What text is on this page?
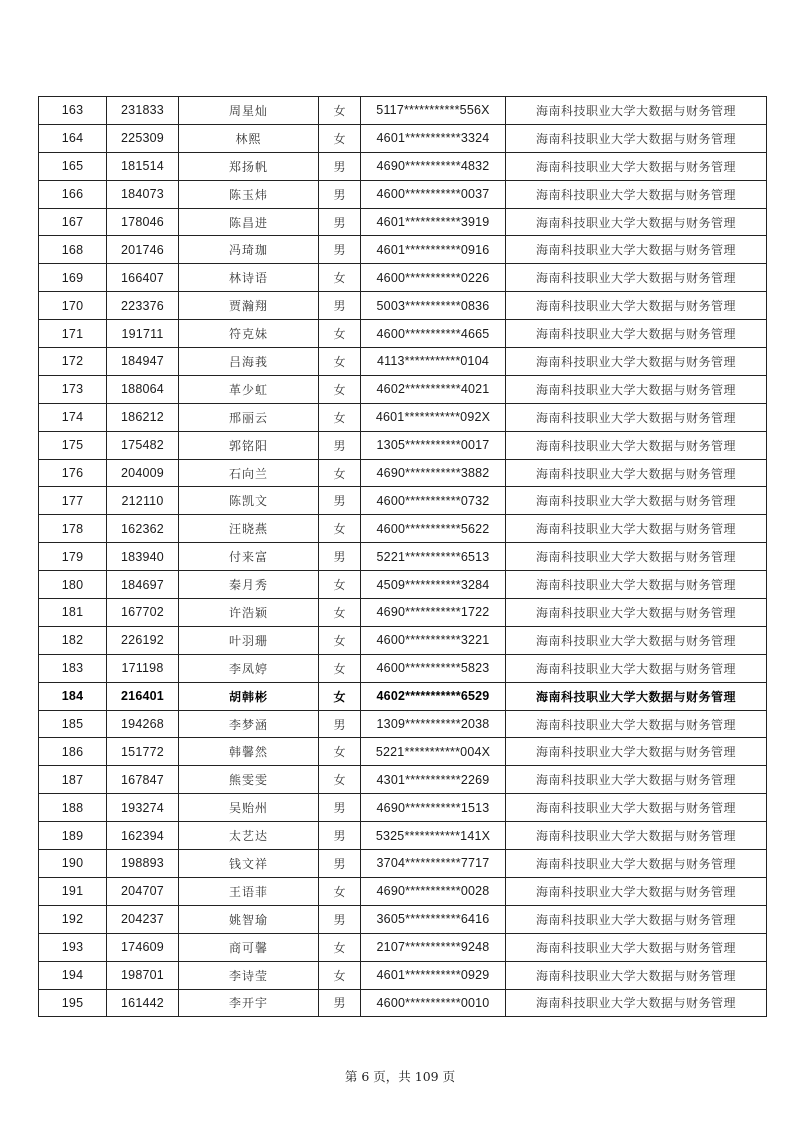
163	231833	周星灿	女	5117***********556X	海南科技职业大学大数据与财务管理
164	225309	林熙	女	4601***********3324	海南科技职业大学大数据与财务管理
165	181514	郑扬帆	男	4690***********4832	海南科技职业大学大数据与财务管理
166	184073	陈玉炜	男	4600***********0037	海南科技职业大学大数据与财务管理
167	178046	陈昌进	男	4601***********3919	海南科技职业大学大数据与财务管理
168	201746	冯琦珈	男	4601***********0916	海南科技职业大学大数据与财务管理
169	166407	林诗语	女	4600***********0226	海南科技职业大学大数据与财务管理
170	223376	贾瀚翔	男	5003***********0836	海南科技职业大学大数据与财务管理
171	191711	符克妹	女	4600***********4665	海南科技职业大学大数据与财务管理
172	184947	吕海莪	女	4113***********0104	海南科技职业大学大数据与财务管理
173	188064	革少虹	女	4602***********4021	海南科技职业大学大数据与财务管理
174	186212	邢丽云	女	4601***********092X	海南科技职业大学大数据与财务管理
175	175482	郭铭阳	男	1305***********0017	海南科技职业大学大数据与财务管理
176	204009	石向兰	女	4690***********3882	海南科技职业大学大数据与财务管理
177	212110	陈凯文	男	4600***********0732	海南科技职业大学大数据与财务管理
178	162362	汪晓燕	女	4600***********5622	海南科技职业大学大数据与财务管理
179	183940	付来富	男	5221***********6513	海南科技职业大学大数据与财务管理
180	184697	秦月秀	女	4509***********3284	海南科技职业大学大数据与财务管理
181	167702	许浩颖	女	4690***********1722	海南科技职业大学大数据与财务管理
182	226192	叶羽珊	女	4600***********3221	海南科技职业大学大数据与财务管理
183	171198	李凤婷	女	4600***********5823	海南科技职业大学大数据与财务管理
184	216401	胡韩彬	女	4602***********6529	海南科技职业大学大数据与财务管理
185	194268	李梦涵	男	1309***********2038	海南科技职业大学大数据与财务管理
186	151772	韩馨然	女	5221***********004X	海南科技职业大学大数据与财务管理
187	167847	熊雯雯	女	4301***********2269	海南科技职业大学大数据与财务管理
188	193274	吴贻州	男	4690***********1513	海南科技职业大学大数据与财务管理
189	162394	太艺达	男	5325***********141X	海南科技职业大学大数据与财务管理
190	198893	钱文祥	男	3704***********7717	海南科技职业大学大数据与财务管理
191	204707	王语菲	女	4690***********0028	海南科技职业大学大数据与财务管理
192	204237	姚智瑜	男	3605***********6416	海南科技职业大学大数据与财务管理
193	174609	商可馨	女	2107***********9248	海南科技职业大学大数据与财务管理
194	198701	李诗莹	女	4601***********0929	海南科技职业大学大数据与财务管理
195	161442	李开宇	男	4600***********0010	海南科技职业大学大数据与财务管理
第 6 页，共 109 页
